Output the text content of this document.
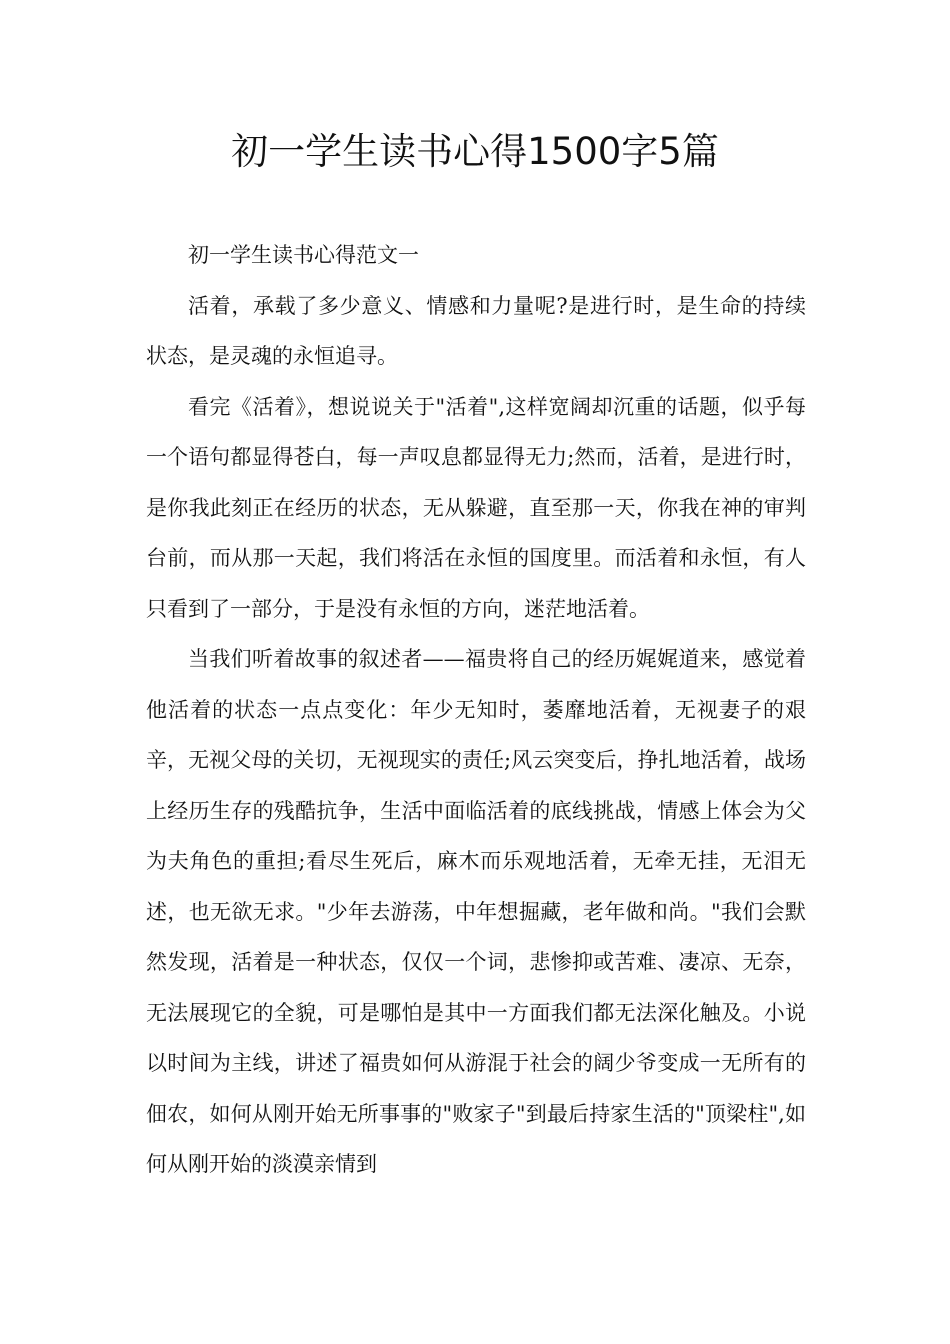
初一学生读书心得1500字5篇

初一学生读书心得范文一

活着，承载了多少意义、情感和力量呢?是进行时，是生命的持续状态，是灵魂的永恒追寻。

看完《活着》，想说说关于"活着",这样宽阔却沉重的话题，似乎每一个语句都显得苍白，每一声叹息都显得无力;然而，活着，是进行时，是你我此刻正在经历的状态，无从躲避，直至那一天，你我在神的审判台前，而从那一天起，我们将活在永恒的国度里。而活着和永恒，有人只看到了一部分，于是没有永恒的方向，迷茫地活着。

当我们听着故事的叙述者——福贵将自己的经历娓娓道来，感觉着他活着的状态一点点变化：年少无知时，萎靡地活着，无视妻子的艰辛，无视父母的关切，无视现实的责任;风云突变后，挣扎地活着，战场上经历生存的残酷抗争，生活中面临活着的底线挑战，情感上体会为父为夫角色的重担;看尽生死后，麻木而乐观地活着，无牵无挂，无泪无述，也无欲无求。"少年去游荡，中年想掘藏，老年做和尚。"我们会默然发现，活着是一种状态，仅仅一个词，悲惨抑或苦难、凄凉、无奈，无法展现它的全貌，可是哪怕是其中一方面我们都无法深化触及。小说以时间为主线，讲述了福贵如何从游混于社会的阔少爷变成一无所有的佃农，如何从刚开始无所事事的"败家子"到最后持家生活的"顶梁柱",如何从刚开始的淡漠亲情到
